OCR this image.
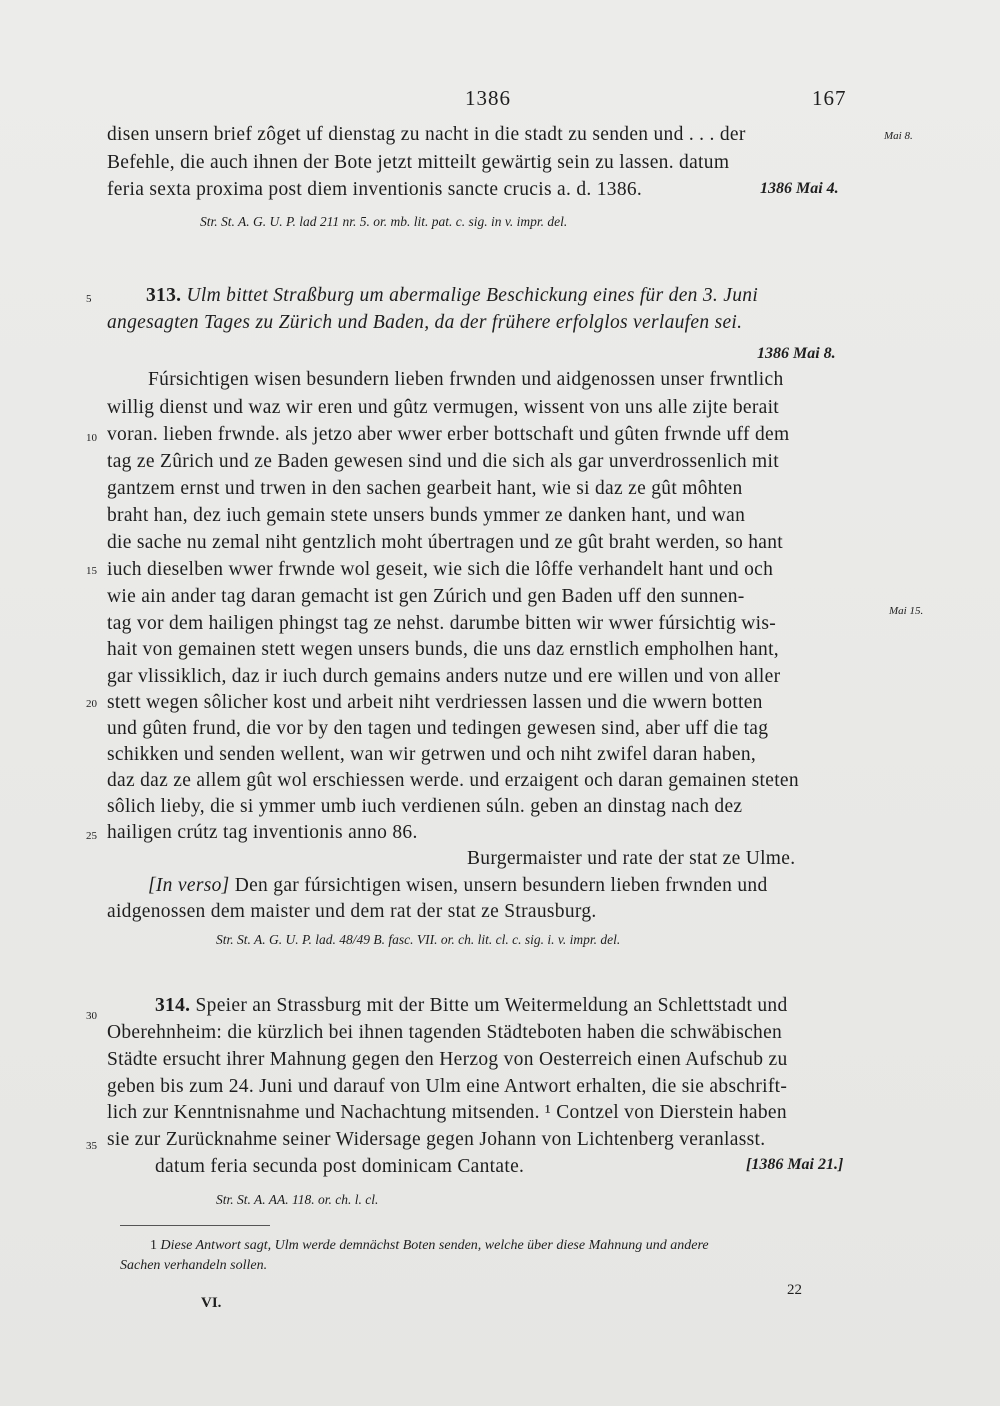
1386	167
disen unsern brief zôget uf dienstag zu nacht in die stadt zu senden und . . . der	Mai 8.
Befehle, die auch ihnen der Bote jetzt mitteilt gewärtig sein zu lassen. datum
feria sexta proxima post diem inventionis sancte crucis a. d. 1386.	1386 Mai 4.
Str. St. A. G. U. P. lad 211 nr. 5. or. mb. lit. pat. c. sig. in v. impr. del.
5	313. Ulm bittet Straßburg um abermalige Beschickung eines für den 3. Juni
angesagten Tages zu Zürich und Baden, da der frühere erfolglos verlaufen sei.
1386 Mai 8.
Fúrsichtigen wisen besundern lieben frwnden und aidgenossen unser frwntlich
willig dienst und waz wir eren und gûtz vermugen, wissent von uns alle zijte berait
10 voran. lieben frwnde. als jetzo aber wwer erber bottschaft und gûten frwnde uff dem
tag ze Zûrich und ze Baden gewesen sind und die sich als gar unverdrossenlich mit
gantzem ernst und trwen in den sachen gearbeit hant, wie si daz ze gût môhten
braht han, dez iuch gemain stete unsers bunds ymmer ze danken hant, und wan
die sache nu zemal niht gentzlich moht úbertragen und ze gût braht werden, so hant
15 iuch dieselben wwer frwnde wol geseit, wie sich die lôffe verhandelt hant und och
wie ain ander tag daran gemacht ist gen Zúrich und gen Baden uff den sunnen-
tag vor dem hailigen phingst tag ze nehst. darumbe bitten wir wwer fúrsichtig wis-
Mai 15.
hait von gemainen stett wegen unsers bunds, die uns daz ernstlich empholhen hant,
gar vlissiklich, daz ir iuch durch gemains anders nutze und ere willen und von aller
20 stett wegen sôlicher kost und arbeit niht verdriessen lassen und die wwern botten
und gûten frund, die vor by den tagen und tedingen gewesen sind, aber uff die tag
schikken und senden wellent, wan wir getrwen und och niht zwifel daran haben,
daz daz ze allem gût wol erschiessen werde. und erzaigent och daran gemainen steten
sôlich lieby, die si ymmer umb iuch verdienen súln. geben an dinstag nach dez
25 hailigen crútz tag inventionis anno 86.
Burgermaister und rate der stat ze Ulme.
[In verso] Den gar fúrsichtigen wisen, unsern besundern lieben frwnden und
aidgenossen dem maister und dem rat der stat ze Strausburg.
Str. St. A. G. U. P. lad. 48/49 B. fasc. VII. or. ch. lit. cl. c. sig. i. v. impr. del.
30	314. Speier an Strassburg mit der Bitte um Weitermeldung an Schlettstadt und
Oberehnheim: die kürzlich bei ihnen tagenden Städteboten haben die schwäbischen
Städte ersucht ihrer Mahnung gegen den Herzog von Oesterreich einen Aufschub zu
geben bis zum 24. Juni und darauf von Ulm eine Antwort erhalten, die sie abschrift-
lich zur Kenntnisnahme und Nachachtung mitsenden. ¹ Contzel von Dierstein haben
35 sie zur Zurücknahme seiner Widersage gegen Johann von Lichtenberg veranlasst.
datum feria secunda post dominicam Cantate.	[1386 Mai 21.]
Str. St. A. AA. 118. or. ch. l. cl.
1 Diese Antwort sagt, Ulm werde demnächst Boten senden, welche über diese Mahnung und andere
Sachen verhandeln sollen.
VI.
22
